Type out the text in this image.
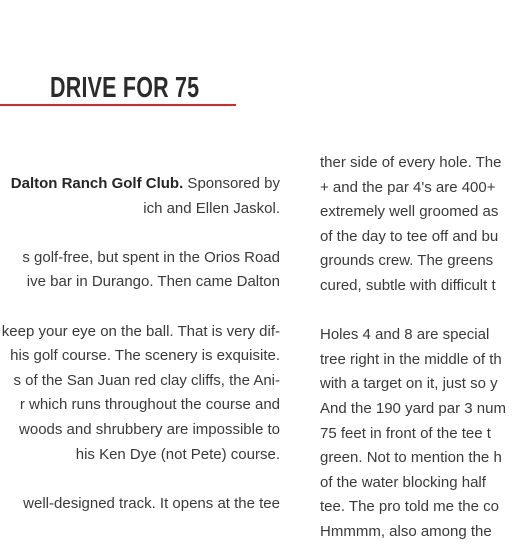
DRIVE FOR 75
Dalton Ranch Golf Club. Sponsored by
ich and Ellen Jaskol.
s golf-free, but spent in the Orios Road
ive bar in Durango. Then came Dalton
keep your eye on the ball. That is very dif-
his golf course. The scenery is exquisite.
s of the San Juan red clay cliffs, the Ani-
r which runs throughout the course and
woods and shrubbery are impossible to
his Ken Dye (not Pete) course.
well-designed track. It opens at the tee
ther side of every hole. The
+ and the par 4's are 400+
extremely well groomed as
of the day to tee off and bu
grounds crew. The greens
cured, subtle with difficult t
Holes 4 and 8 are special
tree right in the middle of th
with a target on it, just so y
And the 190 yard par 3 num
75 feet in front of the tee t
green. Not to mention the h
of the water blocking half
tee. The pro told me the co
Hmmmm, also among the
